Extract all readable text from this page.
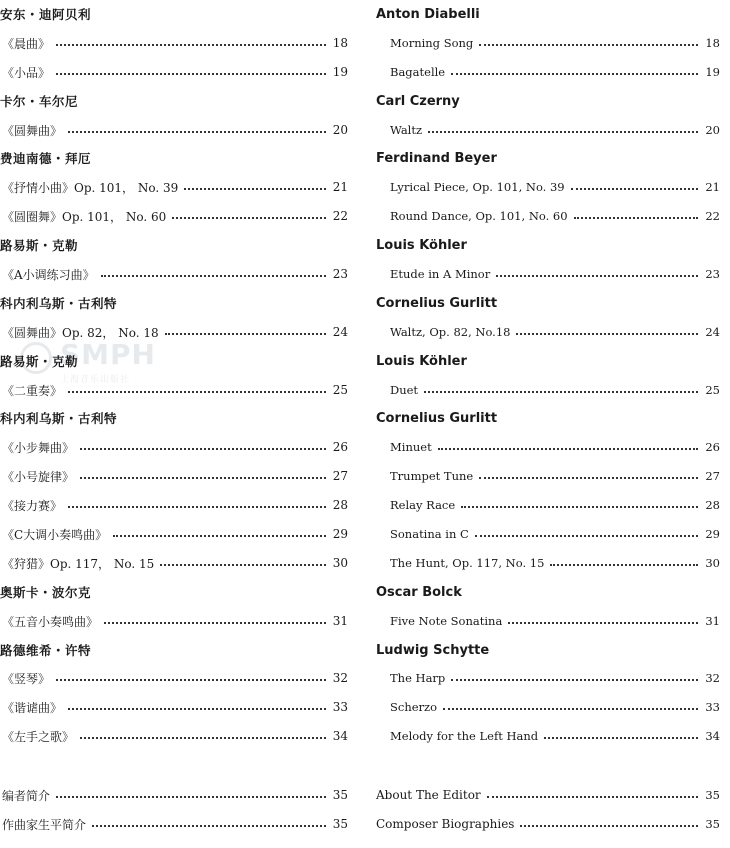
SMPH
上海音乐出版社
安东・迪阿贝利
《晨曲》	18
《小品》	19
卡尔・车尔尼
《圆舞曲》	20
费迪南德・拜厄
《抒情小曲》Op. 101， No. 39	21
《圆圈舞》Op. 101， No. 60	22
路易斯・克勒
《A小调练习曲》	23
科内利乌斯・古利特
《圆舞曲》Op. 82， No. 18	24
路易斯・克勒
《二重奏》	25
科内利乌斯・古利特
《小步舞曲》	26
《小号旋律》	27
《接力赛》	28
《C大调小奏鸣曲》	29
《狩猎》Op. 117， No. 15	30
奥斯卡・波尔克
《五音小奏鸣曲》	31
路德维希・许特
《竖琴》	32
《谐谑曲》	33
《左手之歌》	34
编者简介	35
作曲家生平简介	35
Anton Diabelli
Morning Song	18
Bagatelle	19
Carl Czerny
Waltz	20
Ferdinand Beyer
Lyrical Piece, Op. 101, No. 39	21
Round Dance, Op. 101, No. 60	22
Louis Köhler
Etude in A Minor	23
Cornelius Gurlitt
Waltz, Op. 82, No.18	24
Louis Köhler
Duet	25
Cornelius Gurlitt
Minuet	26
Trumpet Tune	27
Relay Race	28
Sonatina in C	29
The Hunt, Op. 117, No. 15	30
Oscar Bolck
Five Note Sonatina	31
Ludwig Schytte
The Harp	32
Scherzo	33
Melody for the Left Hand	34
About The Editor	35
Composer Biographies	35
